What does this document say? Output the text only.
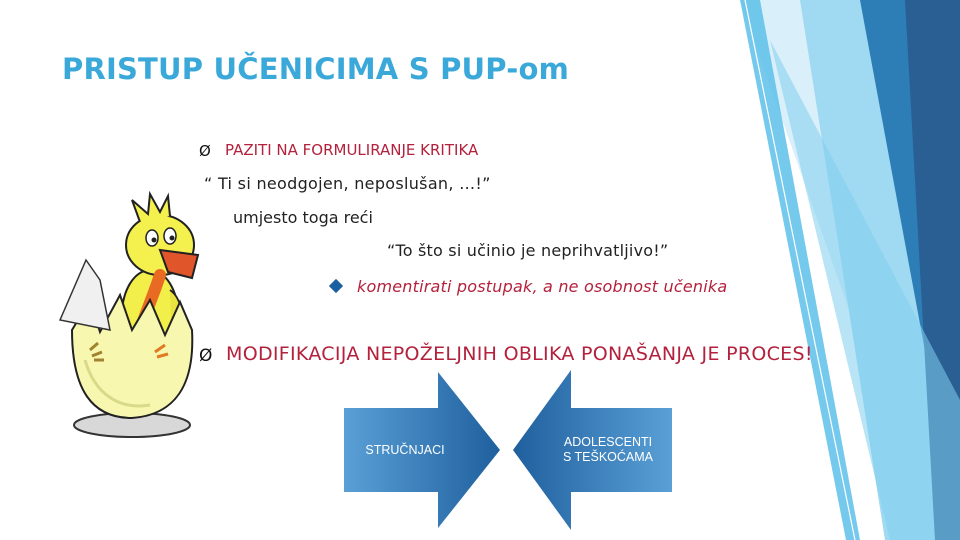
PRISTUP UČENICIMA S PUP-om
Ø PAZITI NA FORMULIRANJE KRITIKA
“ Ti si neodgojen, neposlušan, …!”
umjesto toga reći
“To što si učinio je neprihvatljivo!”
komentirati postupak, a ne osobnost učenika
Ø MODIFIKACIJA NEPOŽELJNIH OBLIKA PONAŠANJA JE PROCES!
STRUČNJACI
ADOLESCENTI
S TEŠKOĆAMA
